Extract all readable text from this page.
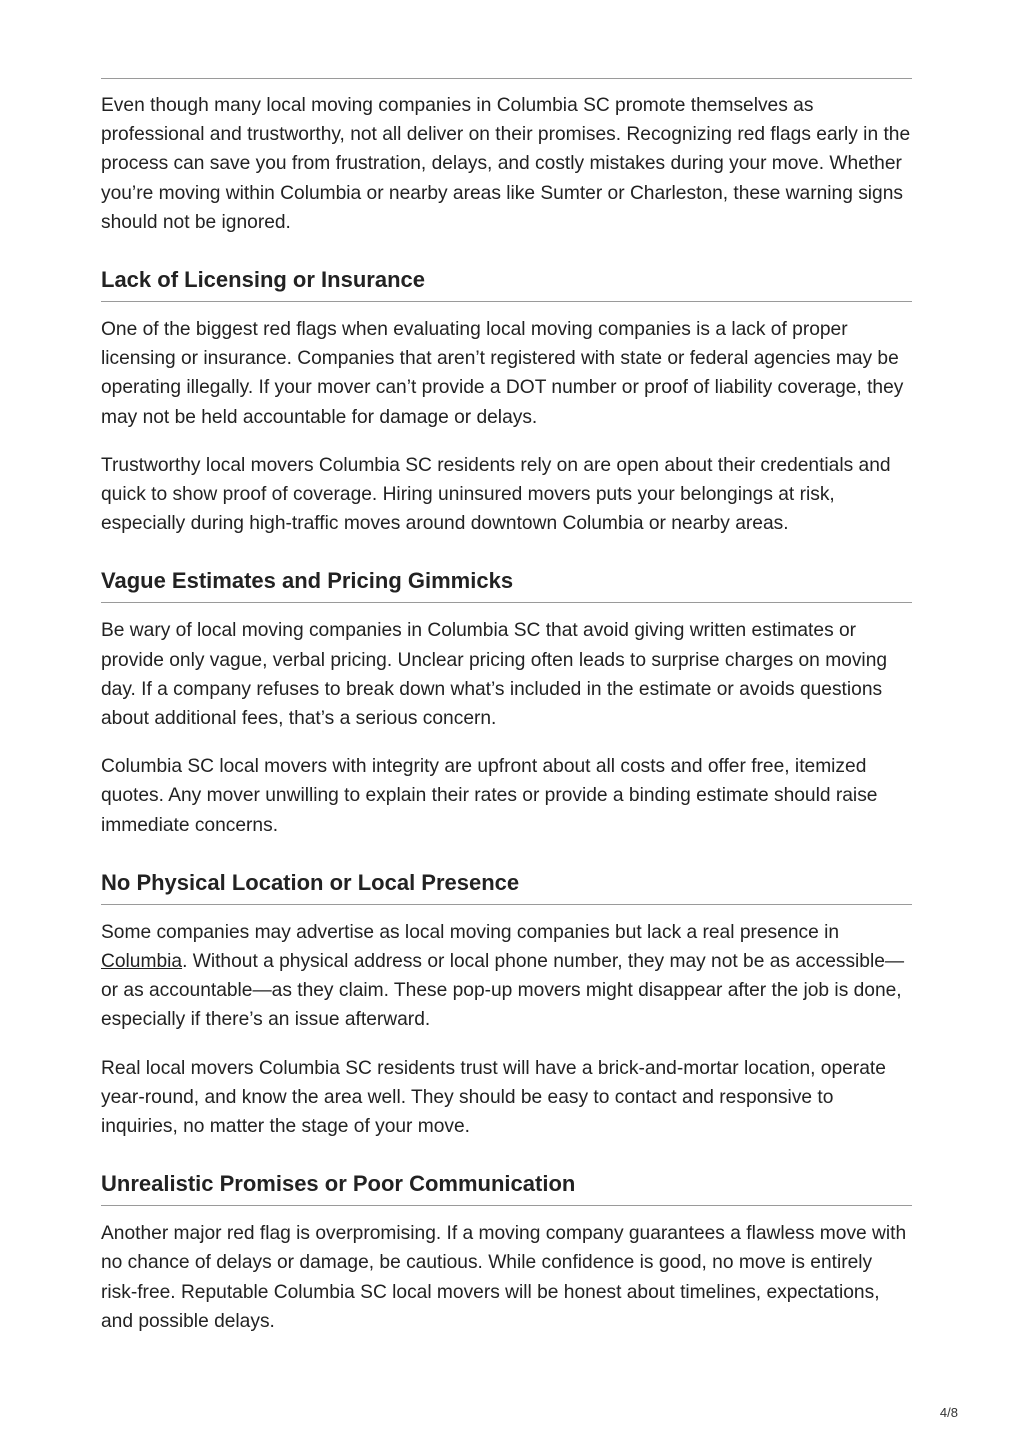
Even though many local moving companies in Columbia SC promote themselves as professional and trustworthy, not all deliver on their promises. Recognizing red flags early in the process can save you from frustration, delays, and costly mistakes during your move. Whether you’re moving within Columbia or nearby areas like Sumter or Charleston, these warning signs should not be ignored.

Lack of Licensing or Insurance

One of the biggest red flags when evaluating local moving companies is a lack of proper licensing or insurance. Companies that aren’t registered with state or federal agencies may be operating illegally. If your mover can’t provide a DOT number or proof of liability coverage, they may not be held accountable for damage or delays.

Trustworthy local movers Columbia SC residents rely on are open about their credentials and quick to show proof of coverage. Hiring uninsured movers puts your belongings at risk, especially during high-traffic moves around downtown Columbia or nearby areas.

Vague Estimates and Pricing Gimmicks

Be wary of local moving companies in Columbia SC that avoid giving written estimates or provide only vague, verbal pricing. Unclear pricing often leads to surprise charges on moving day. If a company refuses to break down what’s included in the estimate or avoids questions about additional fees, that’s a serious concern.

Columbia SC local movers with integrity are upfront about all costs and offer free, itemized quotes. Any mover unwilling to explain their rates or provide a binding estimate should raise immediate concerns.

No Physical Location or Local Presence

Some companies may advertise as local moving companies but lack a real presence in Columbia. Without a physical address or local phone number, they may not be as accessible—or as accountable—as they claim. These pop-up movers might disappear after the job is done, especially if there’s an issue afterward.

Real local movers Columbia SC residents trust will have a brick-and-mortar location, operate year-round, and know the area well. They should be easy to contact and responsive to inquiries, no matter the stage of your move.

Unrealistic Promises or Poor Communication

Another major red flag is overpromising. If a moving company guarantees a flawless move with no chance of delays or damage, be cautious. While confidence is good, no move is entirely risk-free. Reputable Columbia SC local movers will be honest about timelines, expectations, and possible delays.

4/8
